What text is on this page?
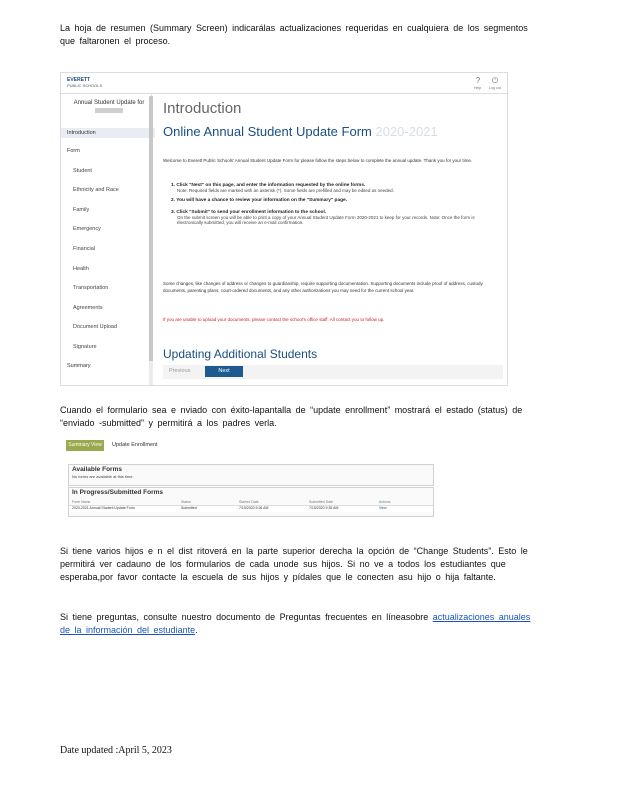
La hoja de resumen (Summary Screen) indicarálas actualizaciones requeridas en cualquiera de los segmentos que faltaronen el proceso.
EVERETT
PUBLIC SCHOOLS
?
Help
⏻
Log out
Annual Student Update for
Introduction
Form
Student
Ethnicity and Race
Family
Emergency
Financial
Health
Transportation
Agreements
Document Upload
Signature
Summary
Introduction
Online Annual Student Update Form 2020-2021
Welcome to Everett Public Schools' Annual Student Update Form for please follow the steps below to complete the annual update. Thank you for your time.
1. Click "Next" on this page, and enter the information requested by the online forms.
Note: Required fields are marked with an asterisk (*). Some fields are prefilled and may be edited as needed.
2. You will have a chance to review your information on the "Summary" page.
3. Click "Submit" to send your enrollment information to the school.
On the submit screen you will be able to print a copy of your Annual Student Update Form 2020-2021 to keep for your records. Note: Once the form is electronically submitted, you will receive an e-mail confirmation.
Some changes, like changes of address or changes to guardianship, require supporting documentation. Supporting documents include proof of address, custody documents, parenting plans, court-ordered documents, and any other authorizations you may need for the current school year.
If you are unable to upload your documents, please contact the school's office staff. All contact you to follow up.
Updating Additional Students
Previous	Next
Cuando el formulario sea e nviado con éxito-lapantalla de “update enrollment” mostrará el estado (status) de “enviado -submitted” y permitirá a los padres verla.
Summary View	Update Enrollment
Available Forms
No forms are available at this time.
In Progress/Submitted Forms
Form Name	Status	Started Date	Submitted Date	Actions
2020-2021 Annual Student Update Form	Submitted	7/15/2020 9:26 AM	7/15/2020 9:35 AM	View
Si tiene varios hijos e n el dist ritoverá en la parte superior derecha la opción de “Change Students”. Esto le permitirá ver cadauno de los formularios de cada unode sus hijos. Si no ve a todos los estudiantes que esperaba,por favor contacte la escuela de sus hijos y pídales que le conecten asu hijo o hija faltante.
Si tiene preguntas, consulte nuestro documento de Preguntas frecuentes en líneasobre actualizaciones anuales de la información del estudiante.
Date updated :April 5, 2023
